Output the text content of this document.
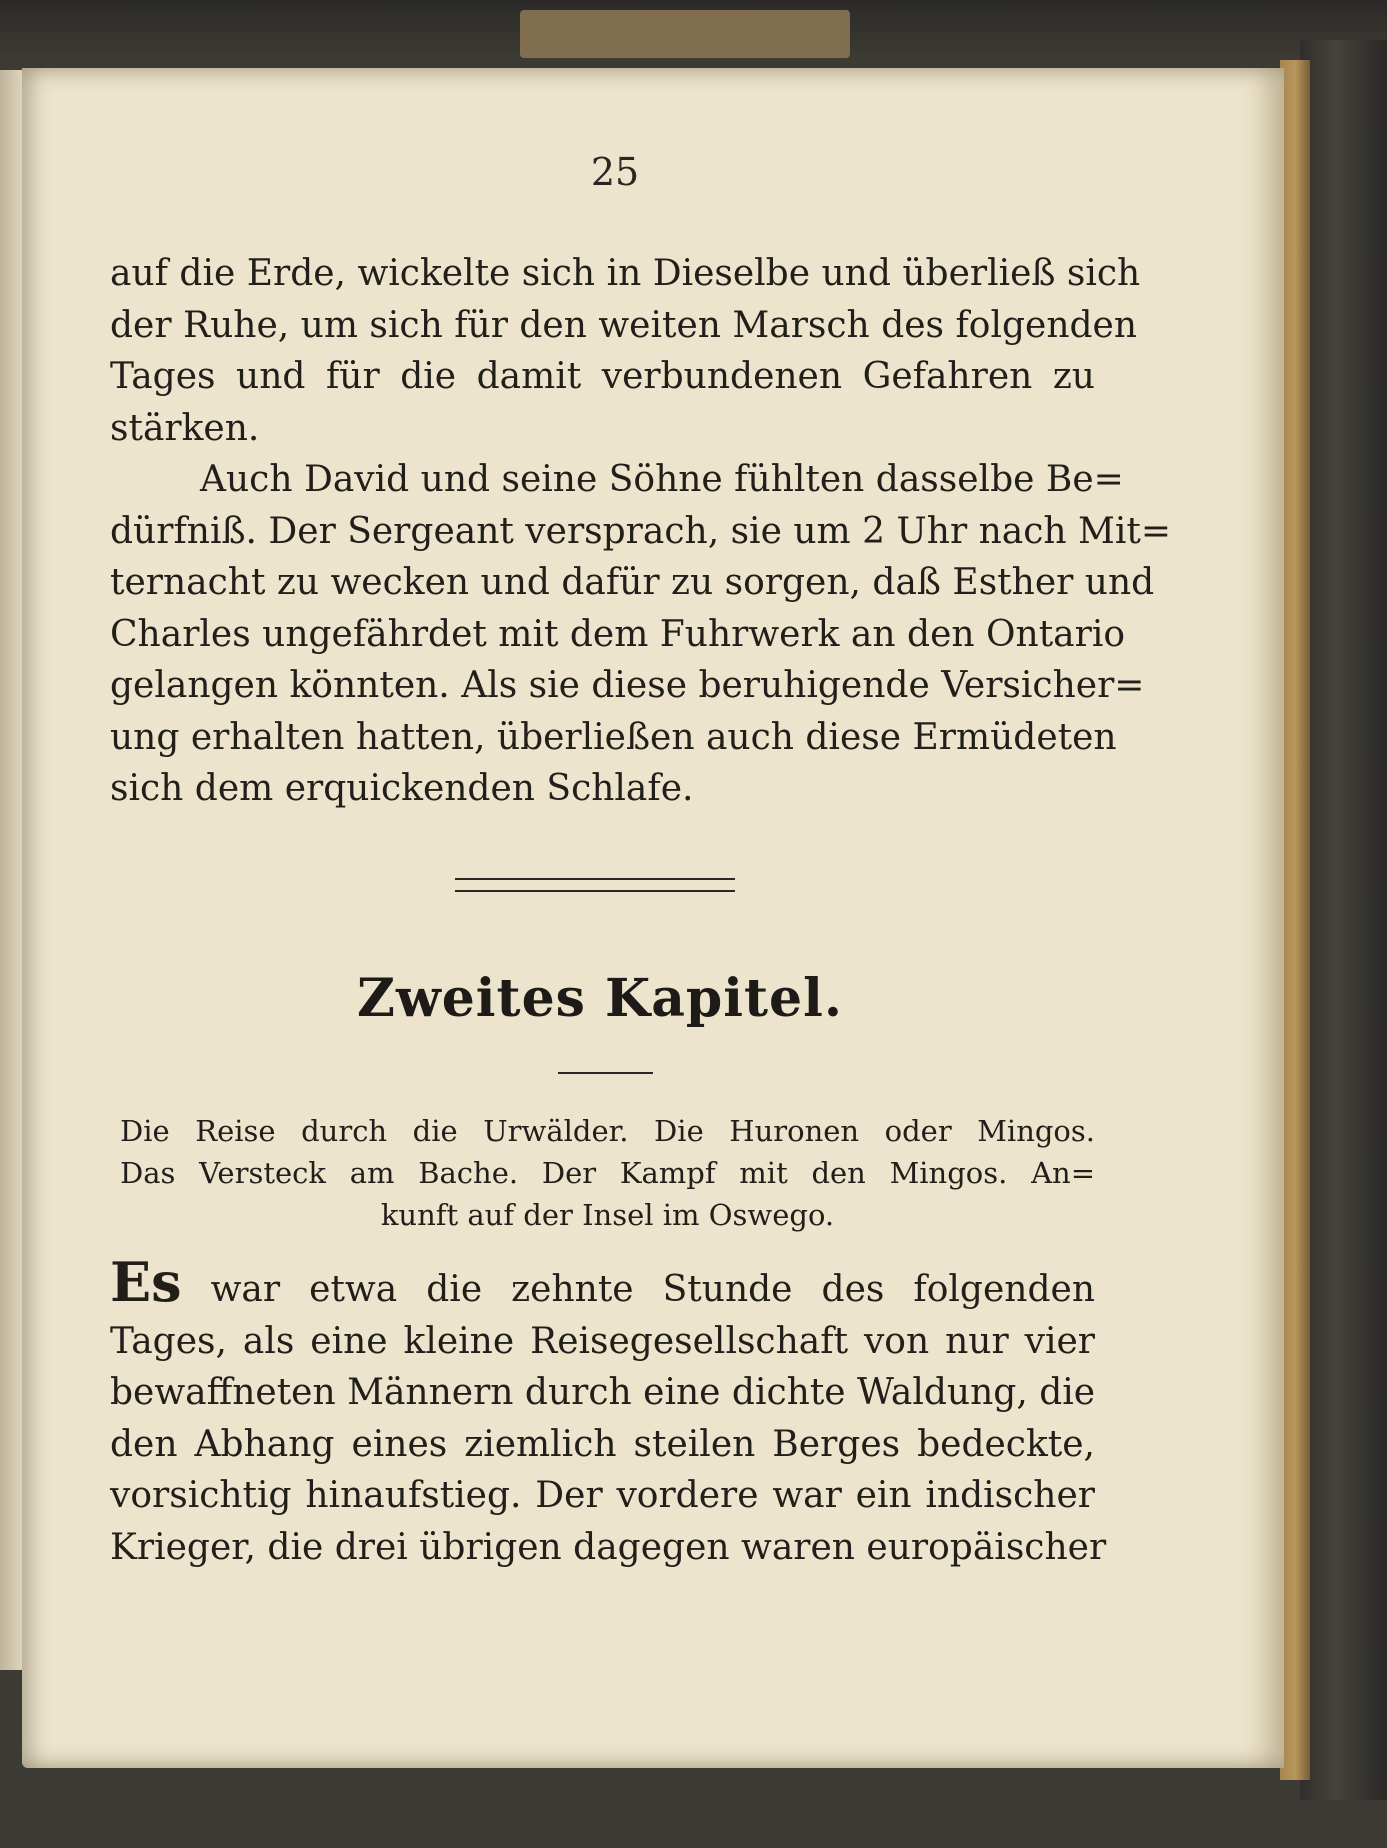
25
auf die Erde, wickelte sich in Dieselbe und überließ sich
der Ruhe, um sich für den weiten Marsch des folgenden
Tages und für die damit verbundenen Gefahren zu
stärken.
Auch David und seine Söhne fühlten dasselbe Be=
dürfniß. Der Sergeant versprach, sie um 2 Uhr nach Mit=
ternacht zu wecken und dafür zu sorgen, daß Esther und
Charles ungefährdet mit dem Fuhrwerk an den Ontario
gelangen könnten. Als sie diese beruhigende Versicher=
ung erhalten hatten, überließen auch diese Ermüdeten
sich dem erquickenden Schlafe.
Zweites Kapitel.
Die Reise durch die Urwälder. Die Huronen oder Mingos.
Das Versteck am Bache. Der Kampf mit den Mingos. An=
kunft auf der Insel im Oswego.
Es war etwa die zehnte Stunde des folgenden
Tages, als eine kleine Reisegesellschaft von nur vier
bewaffneten Männern durch eine dichte Waldung, die
den Abhang eines ziemlich steilen Berges bedeckte,
vorsichtig hinaufstieg. Der vordere war ein indischer
Krieger, die drei übrigen dagegen waren europäischer
